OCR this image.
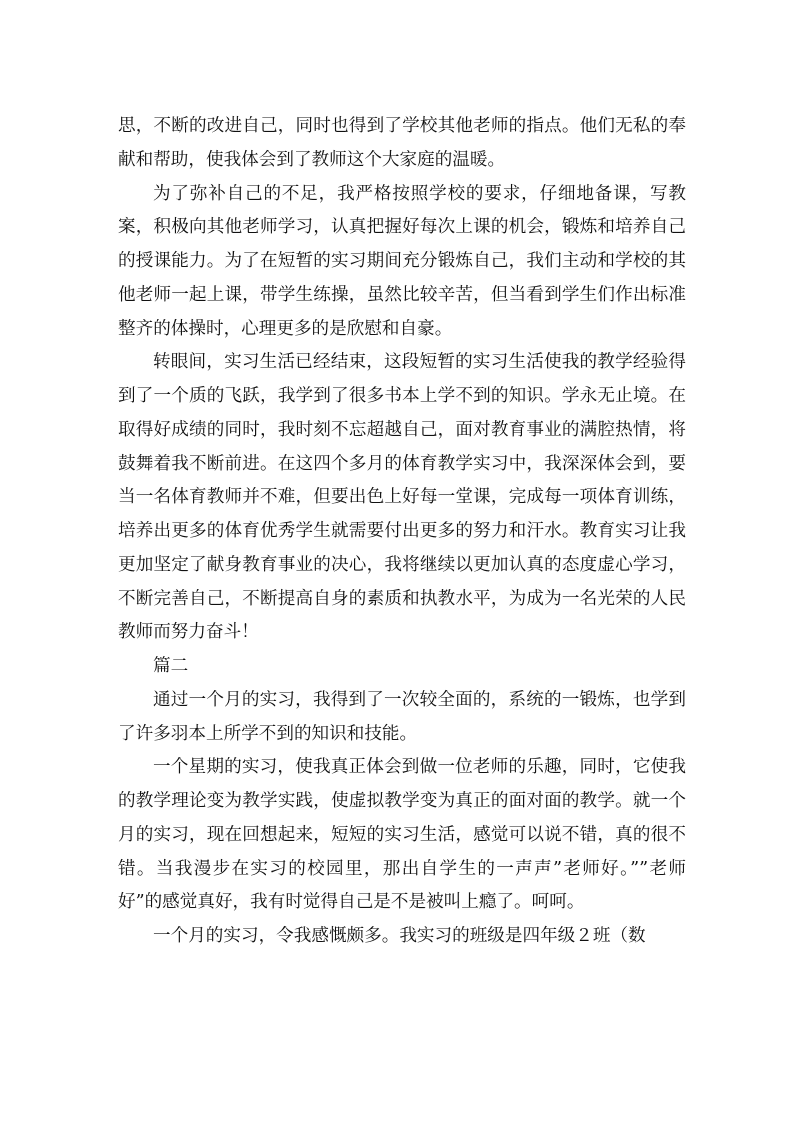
思，不断的改进自己，同时也得到了学校其他老师的指点。他们无私的奉献和帮助，使我体会到了教师这个大家庭的温暖。

为了弥补自己的不足，我严格按照学校的要求，仔细地备课，写教案，积极向其他老师学习，认真把握好每次上课的机会，锻炼和培养自己的授课能力。为了在短暂的实习期间充分锻炼自己，我们主动和学校的其他老师一起上课，带学生练操，虽然比较辛苦，但当看到学生们作出标准整齐的体操时，心理更多的是欣慰和自豪。

转眼间，实习生活已经结束，这段短暂的实习生活使我的教学经验得到了一个质的飞跃，我学到了很多书本上学不到的知识。学永无止境。在取得好成绩的同时，我时刻不忘超越自己，面对教育事业的满腔热情，将鼓舞着我不断前进。在这四个多月的体育教学实习中，我深深体会到，要当一名体育教师并不难，但要出色上好每一堂课，完成每一项体育训练，培养出更多的体育优秀学生就需要付出更多的努力和汗水。教育实习让我更加坚定了献身教育事业的决心，我将继续以更加认真的态度虚心学习，不断完善自己，不断提高自身的素质和执教水平，为成为一名光荣的人民教师而努力奋斗！

篇二

通过一个月的实习，我得到了一次较全面的，系统的一锻炼，也学到了许多羽本上所学不到的知识和技能。

一个星期的实习，使我真正体会到做一位老师的乐趣，同时，它使我的教学理论变为教学实践，使虚拟教学变为真正的面对面的教学。就一个月的实习，现在回想起来，短短的实习生活，感觉可以说不错，真的很不错。当我漫步在实习的校园里，那出自学生的一声声”老师好。””老师好”的感觉真好，我有时觉得自己是不是被叫上瘾了。呵呵。

一个月的实习，令我感慨颇多。我实习的班级是四年级２班（数
